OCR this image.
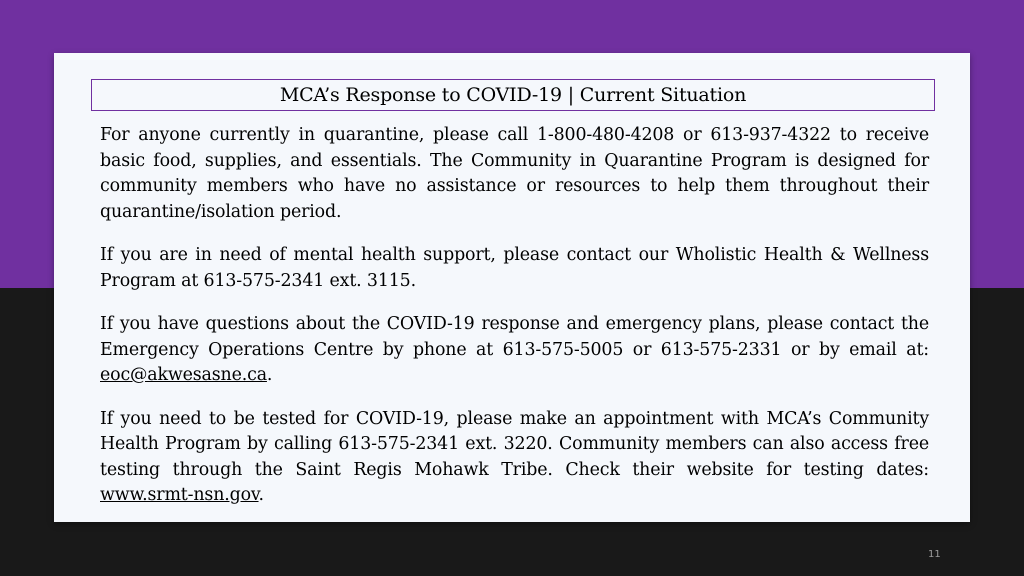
MCA’s Response to COVID-19 | Current Situation

For anyone currently in quarantine, please call 1-800-480-4208 or 613-937-4322 to receive basic food, supplies, and essentials. The Community in Quarantine Program is designed for community members who have no assistance or resources to help them throughout their quarantine/isolation period.

If you are in need of mental health support, please contact our Wholistic Health & Wellness Program at 613-575-2341 ext. 3115.

If you have questions about the COVID-19 response and emergency plans, please contact the Emergency Operations Centre by phone at 613-575-5005 or 613-575-2331 or by email at: eoc@akwesasne.ca.

If you need to be tested for COVID-19, please make an appointment with MCA’s Community Health Program by calling 613-575-2341 ext. 3220. Community members can also access free testing through the Saint Regis Mohawk Tribe. Check their website for testing dates: www.srmt-nsn.gov.

11
